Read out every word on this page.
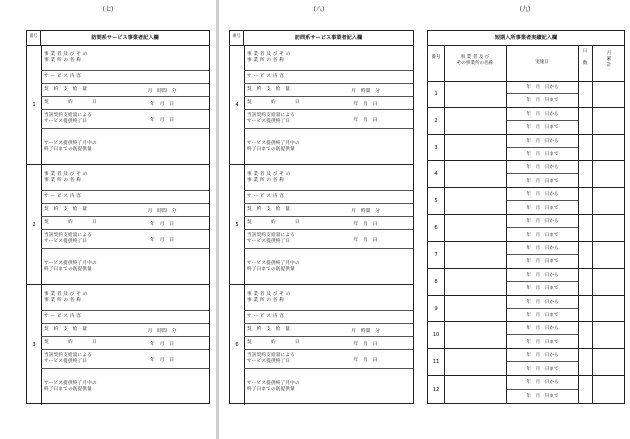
(七)
番号	訪問系サービス事業者記入欄
1
事 業 者 及 び そ の
事 業 所 の 名 称
サ ー ビ ス 内 容
契　約　支　給　量	月　時間　分
契　　　　約　　　　日	年　月　日
当該契約支給量による
サービス提供終了日	年　月　日
サービス提供終了月中の
終了日までの既提供量
2
事 業 者 及 び そ の
事 業 所 の 名 称
サ ー ビ ス 内 容
契　約　支　給　量	月　時間　分
契　　　　約　　　　日	年　月　日
当該契約支給量による
サービス提供終了日	年　月　日
サービス提供終了月中の
終了日までの既提供量
3
事 業 者 及 び そ の
事 業 所 の 名 称
サ ー ビ ス 内 容
契　約　支　給　量	月　時間　分
契　　　　約　　　　日	年　月　日
当該契約支給量による
サービス提供終了日	年　月　日
サービス提供終了月中の
終了日までの既提供量
(八)
番号	訪問系サービス事業者記入欄
4
事 業 者 及 び そ の
事 業 所 の 名 称
サ ー ビ ス 内 容
契　約　支　給　量	月　時間　分
契　　　　約　　　　日	年　月　日
当該契約支給量による
サービス提供終了日	年　月　日
サービス提供終了月中の
終了日までの既提供量
5
事 業 者 及 び そ の
事 業 所 の 名 称
サ ー ビ ス 内 容
契　約　支　給　量	月　時間　分
契　　　　約　　　　日	年　月　日
当該契約支給量による
サービス提供終了日	年　月　日
サービス提供終了月中の
終了日までの既提供量
6
事 業 者 及 び そ の
事 業 所 の 名 称
サ ー ビ ス 内 容
契　約　支　給　量	月　時間　分
契　　　　約　　　　日	年　月　日
当該契約支給量による
サービス提供終了日	年　月　日
サービス提供終了月中の
終了日までの既提供量
(九)
短期入所事業者実績記入欄
番号	事 業 者 及 び
その事業所の名称	実施日
日

数
月
累
計
1
年　月　日から
年　月　日まで
2
年　月　日から
年　月　日まで
3
年　月　日から
年　月　日まで
4
年　月　日から
年　月　日まで
5
年　月　日から
年　月　日まで
6
年　月　日から
年　月　日まで
7
年　月　日から
年　月　日まで
8
年　月　日から
年　月　日まで
9
年　月　日から
年　月　日まで
10
年　月　日から
年　月　日まで
11
年　月　日から
年　月　日まで
12
年　月　日から
年　月　日まで
